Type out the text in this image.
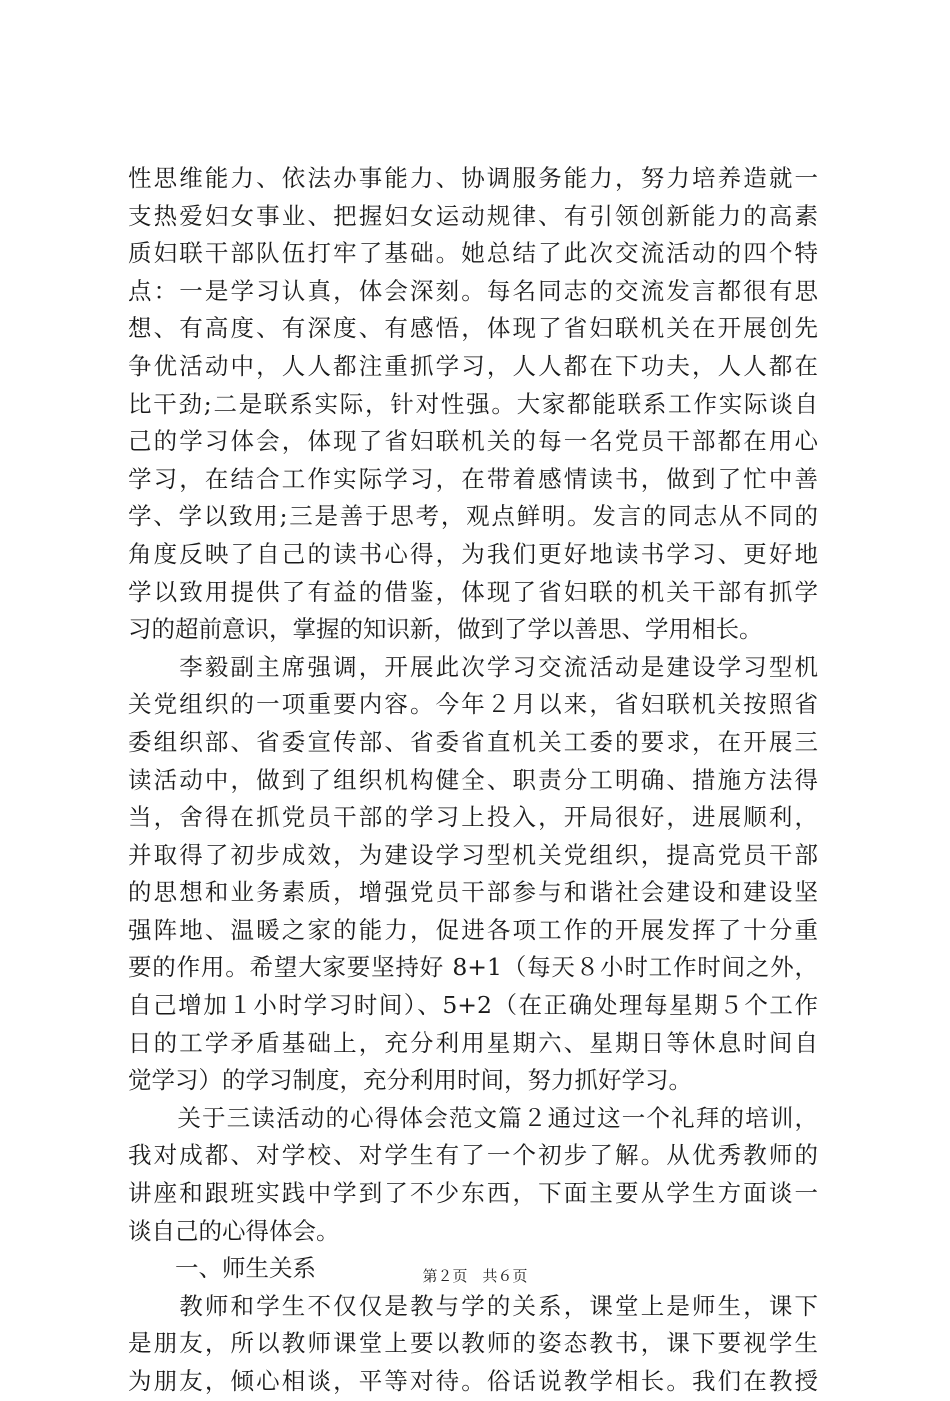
性思维能力、依法办事能力、协调服务能力，努力培养造就一
支热爱妇女事业、把握妇女运动规律、有引领创新能力的高素
质妇联干部队伍打牢了基础。她总结了此次交流活动的四个特
点：一是学习认真，体会深刻。每名同志的交流发言都很有思
想、有高度、有深度、有感悟，体现了省妇联机关在开展创先
争优活动中，人人都注重抓学习，人人都在下功夫，人人都在
比干劲;二是联系实际，针对性强。大家都能联系工作实际谈自
己的学习体会，体现了省妇联机关的每一名党员干部都在用心
学习，在结合工作实际学习，在带着感情读书，做到了忙中善
学、学以致用;三是善于思考，观点鲜明。发言的同志从不同的
角度反映了自己的读书心得，为我们更好地读书学习、更好地
学以致用提供了有益的借鉴，体现了省妇联的机关干部有抓学
习的超前意识，掌握的知识新，做到了学以善思、学用相长。
　　李毅副主席强调，开展此次学习交流活动是建设学习型机
关党组织的一项重要内容。今年２月以来，省妇联机关按照省
委组织部、省委宣传部、省委省直机关工委的要求，在开展三
读活动中，做到了组织机构健全、职责分工明确、措施方法得
当，舍得在抓党员干部的学习上投入，开局很好，进展顺利，
并取得了初步成效，为建设学习型机关党组织，提高党员干部
的思想和业务素质，增强党员干部参与和谐社会建设和建设坚
强阵地、温暖之家的能力，促进各项工作的开展发挥了十分重
要的作用。希望大家要坚持好 8+1（每天８小时工作时间之外，
自己增加１小时学习时间）、5+2（在正确处理每星期５个工作
日的工学矛盾基础上，充分利用星期六、星期日等休息时间自
觉学习）的学习制度，充分利用时间，努力抓好学习。
　　关于三读活动的心得体会范文篇２通过这一个礼拜的培训，
我对成都、对学校、对学生有了一个初步了解。从优秀教师的
讲座和跟班实践中学到了不少东西，下面主要从学生方面谈一
谈自己的心得体会。
　　一、师生关系
　　教师和学生不仅仅是教与学的关系，课堂上是师生，课下
是朋友，所以教师课堂上要以教师的姿态教书，课下要视学生
为朋友，倾心相谈，平等对待。俗话说教学相长。我们在教授
第２页　共６页
